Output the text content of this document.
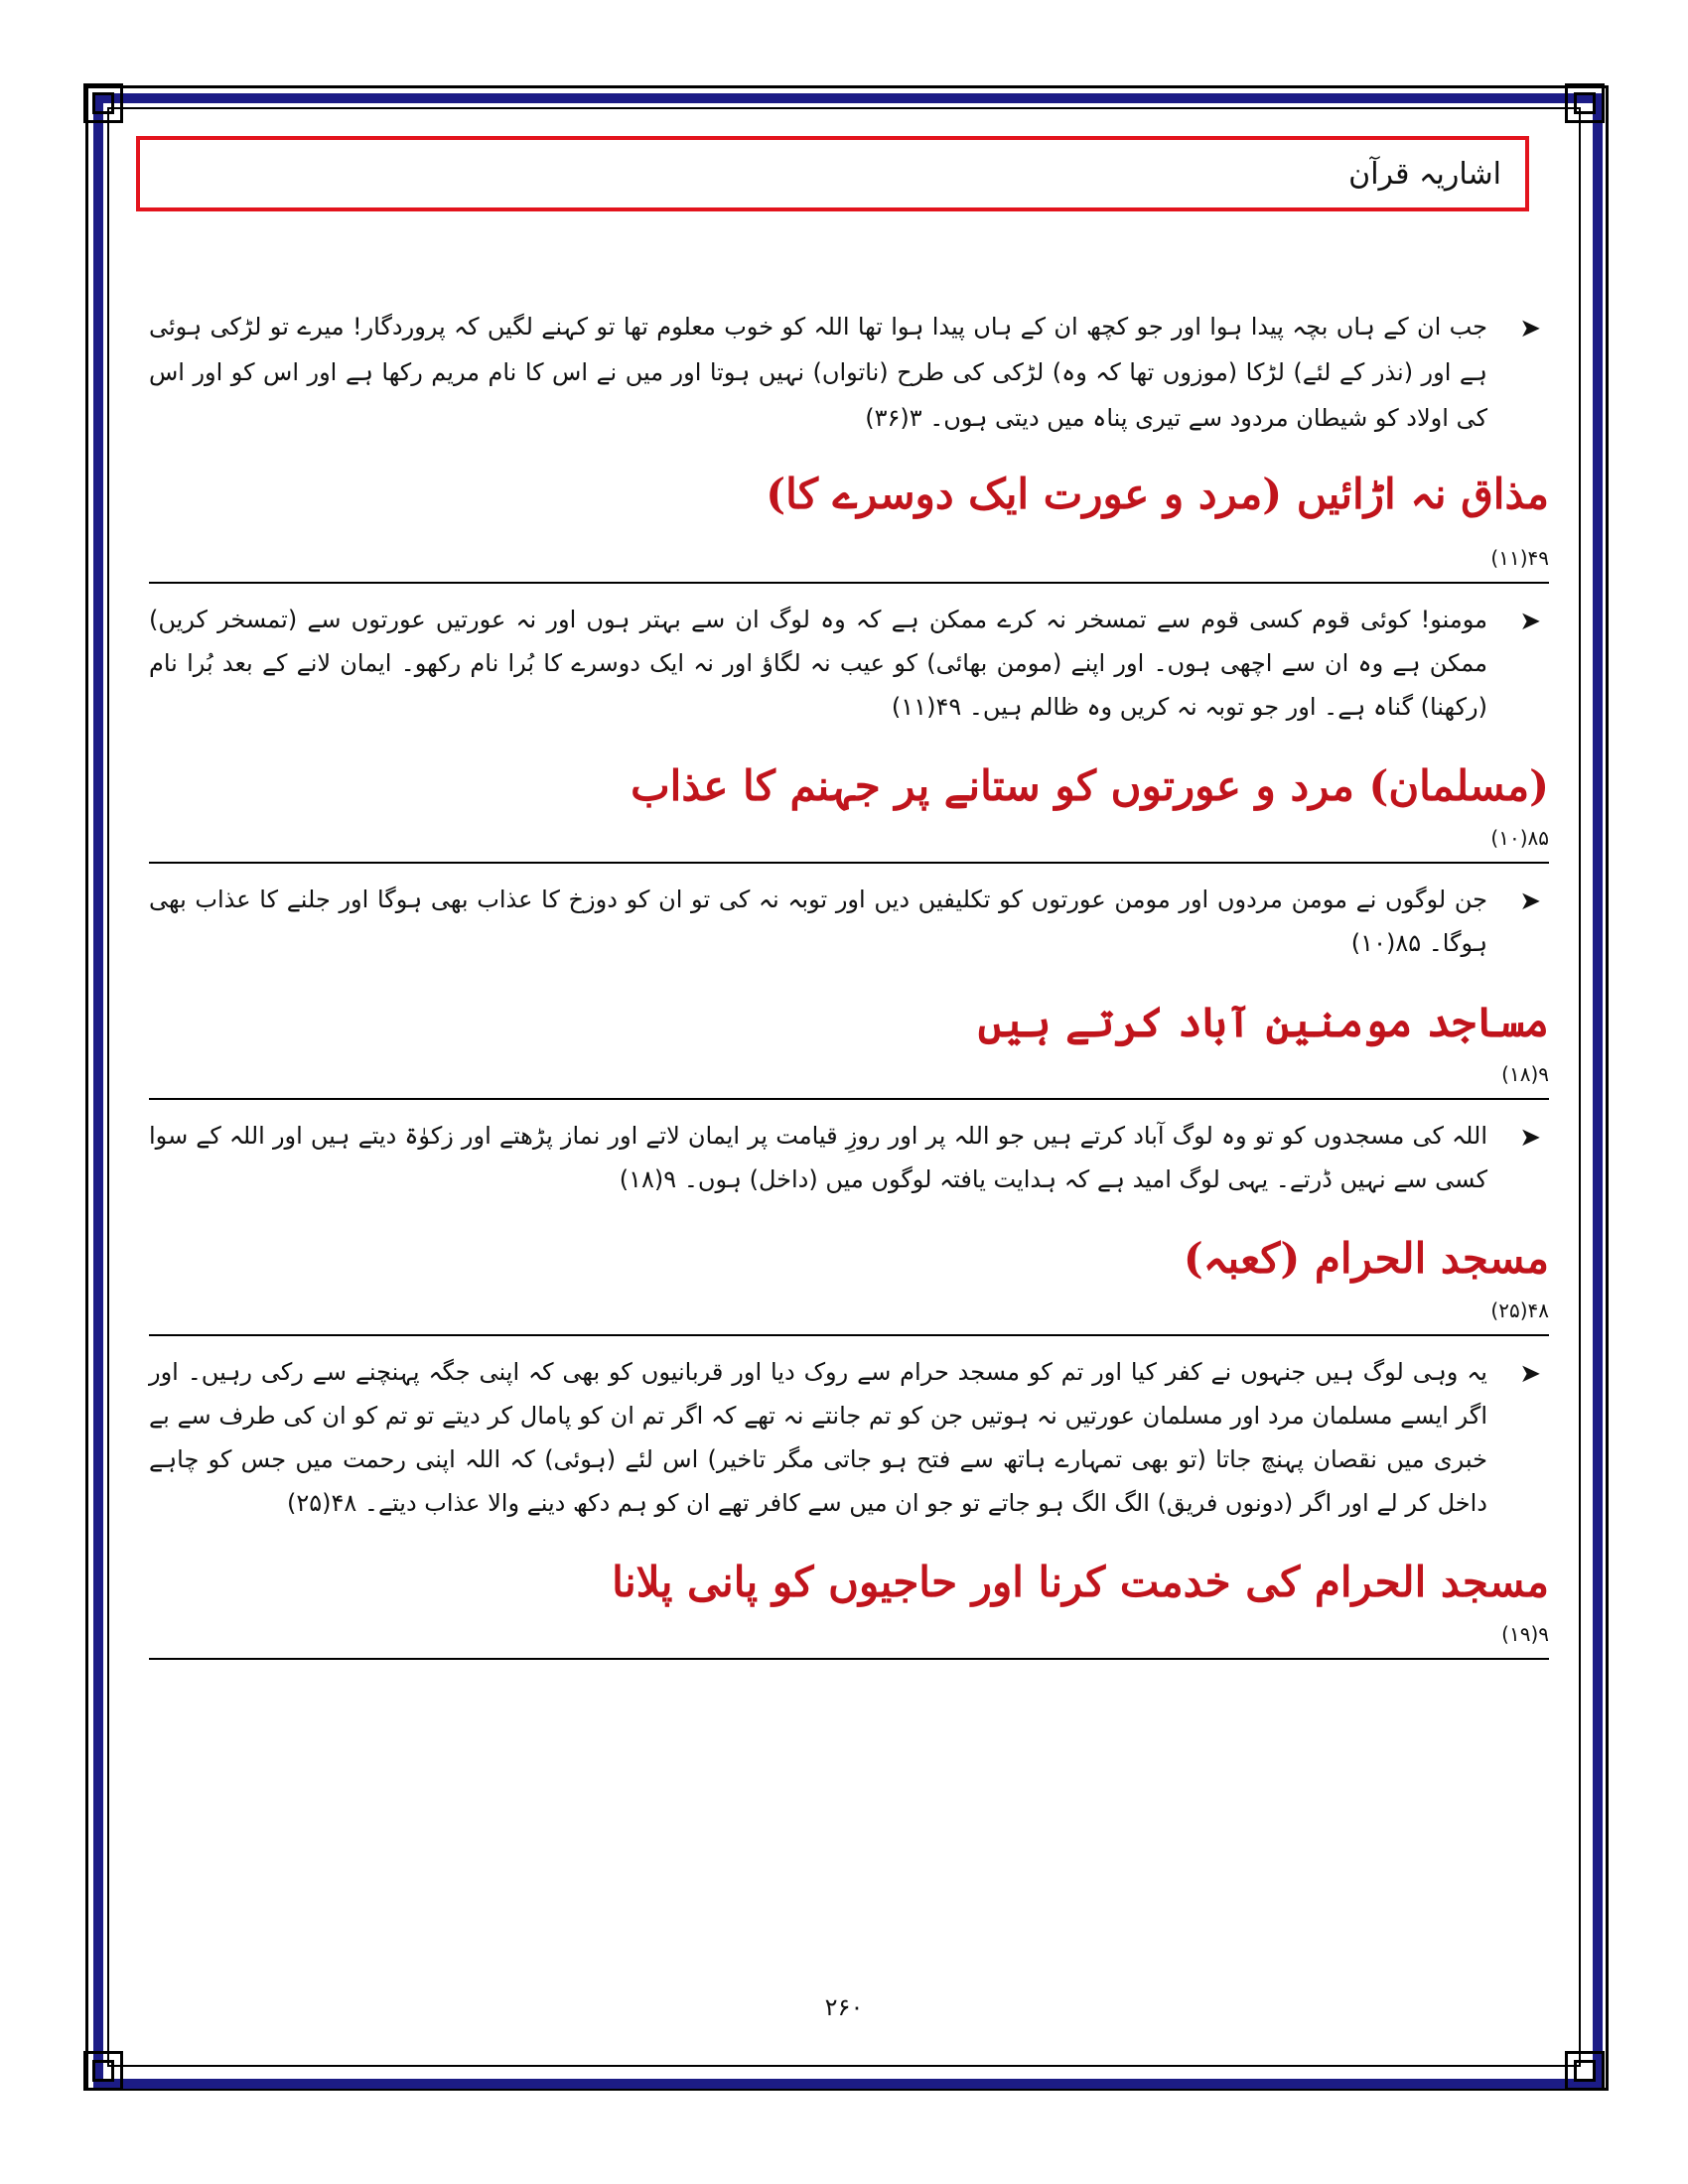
اشاریہ قرآن

➤
جب ان کے ہاں بچہ پیدا ہوا اور جو کچھ ان کے ہاں پیدا ہوا تھا اللہ کو خوب معلوم تھا تو کہنے لگیں کہ پروردگار! میرے تو لڑکی ہوئی ہے اور (نذر کے لئے) لڑکا (موزوں تھا کہ وہ) لڑکی کی طرح (ناتواں) نہیں ہوتا اور میں نے اس کا نام مریم رکھا ہے اور اس کو اور اس کی اولاد کو شیطان مردود سے تیری پناہ میں دیتی ہوں۔ ۳(۳۶)

مذاق نہ اڑائیں (مرد و عورت ایک دوسرے کا)

۴۹(۱۱)

➤
مومنو! کوئی قوم کسی قوم سے تمسخر نہ کرے ممکن ہے کہ وہ لوگ ان سے بہتر ہوں اور نہ عورتیں عورتوں سے (تمسخر کریں) ممکن ہے وہ ان سے اچھی ہوں۔ اور اپنے (مومن بھائی) کو عیب نہ لگاؤ اور نہ ایک دوسرے کا بُرا نام رکھو۔ ایمان لانے کے بعد بُرا نام (رکھنا) گناہ ہے۔ اور جو توبہ نہ کریں وہ ظالم ہیں۔ ۴۹(۱۱)

(مسلمان) مرد و عورتوں کو ستانے پر جہنم کا عذاب

۸۵(۱۰)

➤
جن لوگوں نے مومن مردوں اور مومن عورتوں کو تکلیفیں دیں اور توبہ نہ کی تو ان کو دوزخ کا عذاب بھی ہوگا اور جلنے کا عذاب بھی ہوگا۔ ۸۵(۱۰)

مساجد مومنین آباد کرتے ہیں

۹(۱۸)

➤
اللہ کی مسجدوں کو تو وہ لوگ آباد کرتے ہیں جو اللہ پر اور روزِ قیامت پر ایمان لاتے اور نماز پڑھتے اور زکوٰۃ دیتے ہیں اور اللہ کے سوا کسی سے نہیں ڈرتے۔ یہی لوگ امید ہے کہ ہدایت یافتہ لوگوں میں (داخل) ہوں۔ ۹(۱۸)

مسجد الحرام (کعبہ)

۴۸(۲۵)

➤
یہ وہی لوگ ہیں جنہوں نے کفر کیا اور تم کو مسجد حرام سے روک دیا اور قربانیوں کو بھی کہ اپنی جگہ پہنچنے سے رکی رہیں۔ اور اگر ایسے مسلمان مرد اور مسلمان عورتیں نہ ہوتیں جن کو تم جانتے نہ تھے کہ اگر تم ان کو پامال کر دیتے تو تم کو ان کی طرف سے بے خبری میں نقصان پہنچ جاتا (تو بھی تمہارے ہاتھ سے فتح ہو جاتی مگر تاخیر) اس لئے (ہوئی) کہ اللہ اپنی رحمت میں جس کو چاہے داخل کر لے اور اگر (دونوں فریق) الگ الگ ہو جاتے تو جو ان میں سے کافر تھے ان کو ہم دکھ دینے والا عذاب دیتے۔ ۴۸(۲۵)

مسجد الحرام کی خدمت کرنا اور حاجیوں کو پانی پلانا

۹(۱۹)

۲۶۰
